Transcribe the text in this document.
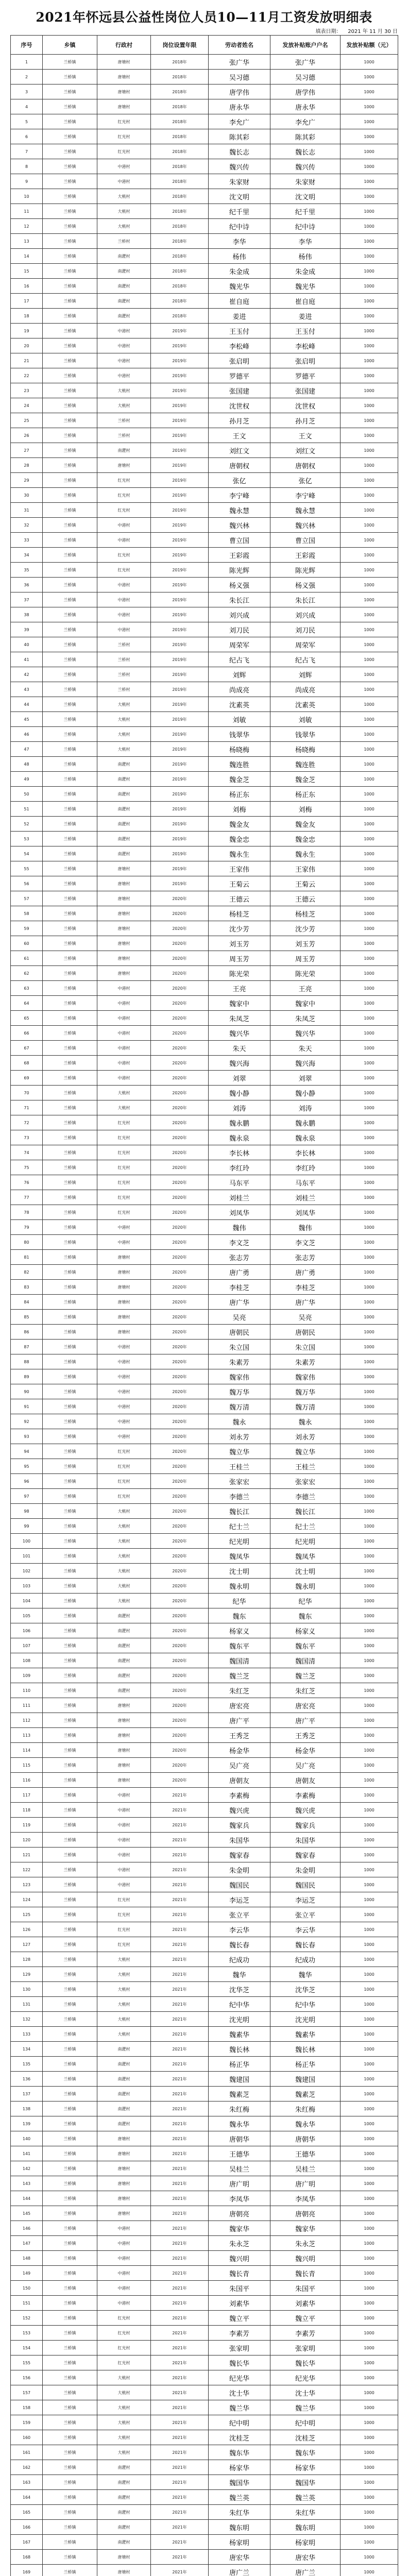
2021年怀远县公益性岗位人员10—11月工资发放明细表
填表日期：    2021 年 11 月 30 日
序号	乡镇	行政村	岗位设置年限	劳动者姓名	发放补贴账户户名	发放补贴额（元）
1	兰桥镇	唐塘村	2018年	张广华	张广华	1000
2	兰桥镇	唐塘村	2018年	吴习德	吴习德	1000
3	兰桥镇	唐塘村	2018年	唐学伟	唐学伟	1000
4	兰桥镇	唐塘村	2018年	唐永华	唐永华	1000
5	兰桥镇	红光村	2018年	李允广	李允广	1000
6	兰桥镇	红光村	2018年	陈其彩	陈其彩	1000
7	兰桥镇	红光村	2018年	魏长志	魏长志	1000
8	兰桥镇	中港村	2018年	魏兴传	魏兴传	1000
9	兰桥镇	中港村	2018年	朱家财	朱家财	1000
10	兰桥镇	大桃村	2018年	沈文明	沈文明	1000
11	兰桥镇	大桃村	2018年	纪千里	纪千里	1000
12	兰桥镇	大桃村	2018年	纪中诗	纪中诗	1000
13	兰桥镇	兰桥村	2018年	李华	李华	1000
14	兰桥镇	南淝村	2018年	杨伟	杨伟	1000
15	兰桥镇	南淝村	2018年	朱金成	朱金成	1000
16	兰桥镇	南淝村	2018年	魏光华	魏光华	1000
17	兰桥镇	南淝村	2018年	崔自庭	崔自庭	1000
18	兰桥镇	南淝村	2018年	姜进	姜进	1000
19	兰桥镇	中港村	2019年	王玉付	王玉付	1000
20	兰桥镇	中港村	2019年	李松峰	李松峰	1000
21	兰桥镇	中港村	2019年	张启明	张启明	1000
22	兰桥镇	中港村	2019年	罗德平	罗德平	1000
23	兰桥镇	大桃村	2019年	张国建	张国建	1000
24	兰桥镇	大桃村	2019年	沈世权	沈世权	1000
25	兰桥镇	兰桥村	2019年	孙月芝	孙月芝	1000
26	兰桥镇	兰桥村	2019年	王文	王文	1000
27	兰桥镇	南淝村	2019年	刘红文	刘红文	1000
28	兰桥镇	唐塘村	2019年	唐朝权	唐朝权	1000
29	兰桥镇	红光村	2019年	张亿	张亿	1000
30	兰桥镇	红光村	2019年	李宁峰	李宁峰	1000
31	兰桥镇	红光村	2019年	魏永慧	魏永慧	1000
32	兰桥镇	中港村	2019年	魏兴林	魏兴林	1000
33	兰桥镇	中港村	2019年	曹立国	曹立国	1000
34	兰桥镇	红光村	2019年	王彩霞	王彩霞	1000
35	兰桥镇	红光村	2019年	陈光辉	陈光辉	1000
36	兰桥镇	中港村	2019年	杨义强	杨义强	1000
37	兰桥镇	中港村	2019年	朱长江	朱长江	1000
38	兰桥镇	中港村	2019年	刘兴成	刘兴成	1000
39	兰桥镇	中港村	2019年	刘刀民	刘刀民	1000
40	兰桥镇	兰桥村	2019年	周荣军	周荣军	1000
41	兰桥镇	兰桥村	2019年	纪占飞	纪占飞	1000
42	兰桥镇	兰桥村	2019年	刘辉	刘辉	1000
43	兰桥镇	兰桥村	2019年	尚成亮	尚成亮	1000
44	兰桥镇	大桃村	2019年	沈素英	沈素英	1000
45	兰桥镇	大桃村	2019年	刘敏	刘敏	1000
46	兰桥镇	大桃村	2019年	钱翠华	钱翠华	1000
47	兰桥镇	大桃村	2019年	杨晓梅	杨晓梅	1000
48	兰桥镇	南淝村	2019年	魏连胜	魏连胜	1000
49	兰桥镇	南淝村	2019年	魏金芝	魏金芝	1000
50	兰桥镇	南淝村	2019年	杨正东	杨正东	1000
51	兰桥镇	南淝村	2019年	刘梅	刘梅	1000
52	兰桥镇	南淝村	2019年	魏金友	魏金友	1000
53	兰桥镇	南淝村	2019年	魏金忠	魏金忠	1000
54	兰桥镇	南淝村	2019年	魏永生	魏永生	1000
55	兰桥镇	唐塘村	2019年	王家伟	王家伟	1000
56	兰桥镇	唐塘村	2019年	王菊云	王菊云	1000
57	兰桥镇	唐塘村	2020年	王德云	王德云	1000
58	兰桥镇	唐塘村	2020年	杨桂芝	杨桂芝	1000
59	兰桥镇	唐塘村	2020年	沈少芳	沈少芳	1000
60	兰桥镇	唐塘村	2020年	刘玉芳	刘玉芳	1000
61	兰桥镇	唐塘村	2020年	周玉芳	周玉芳	1000
62	兰桥镇	唐塘村	2020年	陈光荣	陈光荣	1000
63	兰桥镇	中港村	2020年	王亮	王亮	1000
64	兰桥镇	中港村	2020年	魏家中	魏家中	1000
65	兰桥镇	中港村	2020年	朱凤芝	朱凤芝	1000
66	兰桥镇	中港村	2020年	魏兴华	魏兴华	1000
67	兰桥镇	中港村	2020年	朱天	朱天	1000
68	兰桥镇	中港村	2020年	魏兴海	魏兴海	1000
69	兰桥镇	中港村	2020年	刘翠	刘翠	1000
70	兰桥镇	大桃村	2020年	魏小静	魏小静	1000
71	兰桥镇	大桃村	2020年	刘涛	刘涛	1000
72	兰桥镇	红光村	2020年	魏永鹏	魏永鹏	1000
73	兰桥镇	红光村	2020年	魏永泉	魏永泉	1000
74	兰桥镇	红光村	2020年	李长林	李长林	1000
75	兰桥镇	红光村	2020年	李红玲	李红玲	1000
76	兰桥镇	红光村	2020年	马东平	马东平	1000
77	兰桥镇	红光村	2020年	刘桂兰	刘桂兰	1000
78	兰桥镇	红光村	2020年	刘凤华	刘凤华	1000
79	兰桥镇	中港村	2020年	魏伟	魏伟	1000
80	兰桥镇	中港村	2020年	李文芝	李文芝	1000
81	兰桥镇	唐塘村	2020年	张志芳	张志芳	1000
82	兰桥镇	唐塘村	2020年	唐广勇	唐广勇	1000
83	兰桥镇	唐塘村	2020年	李桂芝	李桂芝	1000
84	兰桥镇	唐塘村	2020年	唐广华	唐广华	1000
85	兰桥镇	唐塘村	2020年	吴亮	吴亮	1000
86	兰桥镇	唐塘村	2020年	唐朝民	唐朝民	1000
87	兰桥镇	中港村	2020年	朱立国	朱立国	1000
88	兰桥镇	中港村	2020年	朱素芳	朱素芳	1000
89	兰桥镇	中港村	2020年	魏家伟	魏家伟	1000
90	兰桥镇	中港村	2020年	魏万华	魏万华	1000
91	兰桥镇	中港村	2020年	魏万清	魏万清	1000
92	兰桥镇	中港村	2020年	魏永	魏永	1000
93	兰桥镇	中港村	2020年	刘永芳	刘永芳	1000
94	兰桥镇	红光村	2020年	魏立华	魏立华	1000
95	兰桥镇	红光村	2020年	王桂兰	王桂兰	1000
96	兰桥镇	红光村	2020年	张家宏	张家宏	1000
97	兰桥镇	红光村	2020年	李德兰	李德兰	1000
98	兰桥镇	大桃村	2020年	魏长江	魏长江	1000
99	兰桥镇	大桃村	2020年	纪士兰	纪士兰	1000
100	兰桥镇	大桃村	2020年	纪光明	纪光明	1000
101	兰桥镇	大桃村	2020年	魏凤华	魏凤华	1000
102	兰桥镇	大桃村	2020年	沈士明	沈士明	1000
103	兰桥镇	大桃村	2020年	魏永明	魏永明	1000
104	兰桥镇	大桃村	2020年	纪华	纪华	1000
105	兰桥镇	南淝村	2020年	魏东	魏东	1000
106	兰桥镇	南淝村	2020年	杨家义	杨家义	1000
107	兰桥镇	南淝村	2020年	魏东平	魏东平	1000
108	兰桥镇	南淝村	2020年	魏国清	魏国清	1000
109	兰桥镇	南淝村	2020年	魏兰芝	魏兰芝	1000
110	兰桥镇	南淝村	2020年	朱红芝	朱红芝	1000
111	兰桥镇	唐塘村	2020年	唐宏亮	唐宏亮	1000
112	兰桥镇	唐塘村	2020年	唐广平	唐广平	1000
113	兰桥镇	唐塘村	2020年	王秀芝	王秀芝	1000
114	兰桥镇	唐塘村	2020年	杨金华	杨金华	1000
115	兰桥镇	唐塘村	2020年	吴广亮	吴广亮	1000
116	兰桥镇	唐塘村	2020年	唐朝友	唐朝友	1000
117	兰桥镇	中港村	2021年	李素梅	李素梅	1000
118	兰桥镇	中港村	2021年	魏兴虎	魏兴虎	1000
119	兰桥镇	中港村	2021年	魏家兵	魏家兵	1000
120	兰桥镇	中港村	2021年	朱国华	朱国华	1000
121	兰桥镇	中港村	2021年	魏家春	魏家春	1000
122	兰桥镇	中港村	2021年	朱金明	朱金明	1000
123	兰桥镇	中港村	2021年	魏国民	魏国民	1000
124	兰桥镇	红光村	2021年	李运芝	李运芝	1000
125	兰桥镇	红光村	2021年	张立平	张立平	1000
126	兰桥镇	红光村	2021年	李云华	李云华	1000
127	兰桥镇	红光村	2021年	魏长春	魏长春	1000
128	兰桥镇	大桃村	2021年	纪成功	纪成功	1000
129	兰桥镇	大桃村	2021年	魏华	魏华	1000
130	兰桥镇	大桃村	2021年	沈华芝	沈华芝	1000
131	兰桥镇	大桃村	2021年	纪中华	纪中华	1000
132	兰桥镇	大桃村	2021年	沈光明	沈光明	1000
133	兰桥镇	大桃村	2021年	魏素华	魏素华	1000
134	兰桥镇	南淝村	2021年	魏长林	魏长林	1000
135	兰桥镇	南淝村	2021年	杨正华	杨正华	1000
136	兰桥镇	南淝村	2021年	魏建国	魏建国	1000
137	兰桥镇	南淝村	2021年	魏素芝	魏素芝	1000
138	兰桥镇	南淝村	2021年	朱红梅	朱红梅	1000
139	兰桥镇	南淝村	2021年	魏永华	魏永华	1000
140	兰桥镇	唐塘村	2021年	唐朝华	唐朝华	1000
141	兰桥镇	唐塘村	2021年	王德华	王德华	1000
142	兰桥镇	唐塘村	2021年	吴桂兰	吴桂兰	1000
143	兰桥镇	唐塘村	2021年	唐广明	唐广明	1000
144	兰桥镇	唐塘村	2021年	李凤华	李凤华	1000
145	兰桥镇	唐塘村	2021年	唐朝亮	唐朝亮	1000
146	兰桥镇	中港村	2021年	魏家华	魏家华	1000
147	兰桥镇	中港村	2021年	朱永芝	朱永芝	1000
148	兰桥镇	中港村	2021年	魏兴明	魏兴明	1000
149	兰桥镇	中港村	2021年	魏长青	魏长青	1000
150	兰桥镇	中港村	2021年	朱国平	朱国平	1000
151	兰桥镇	中港村	2021年	刘素华	刘素华	1000
152	兰桥镇	红光村	2021年	魏立平	魏立平	1000
153	兰桥镇	红光村	2021年	李素芳	李素芳	1000
154	兰桥镇	红光村	2021年	张家明	张家明	1000
155	兰桥镇	红光村	2021年	魏长华	魏长华	1000
156	兰桥镇	大桃村	2021年	纪光华	纪光华	1000
157	兰桥镇	大桃村	2021年	沈士华	沈士华	1000
158	兰桥镇	大桃村	2021年	魏兰华	魏兰华	1000
159	兰桥镇	大桃村	2021年	纪中明	纪中明	1000
160	兰桥镇	大桃村	2021年	沈桂芝	沈桂芝	1000
161	兰桥镇	大桃村	2021年	魏东华	魏东华	1000
162	兰桥镇	南淝村	2021年	杨家华	杨家华	1000
163	兰桥镇	南淝村	2021年	魏国华	魏国华	1000
164	兰桥镇	南淝村	2021年	魏兰英	魏兰英	1000
165	兰桥镇	南淝村	2021年	朱红华	朱红华	1000
166	兰桥镇	南淝村	2021年	魏东明	魏东明	1000
167	兰桥镇	南淝村	2021年	杨家明	杨家明	1000
168	兰桥镇	唐塘村	2021年	唐宏华	唐宏华	1000
169	兰桥镇	唐塘村	2021年	唐广兰	唐广兰	1000
